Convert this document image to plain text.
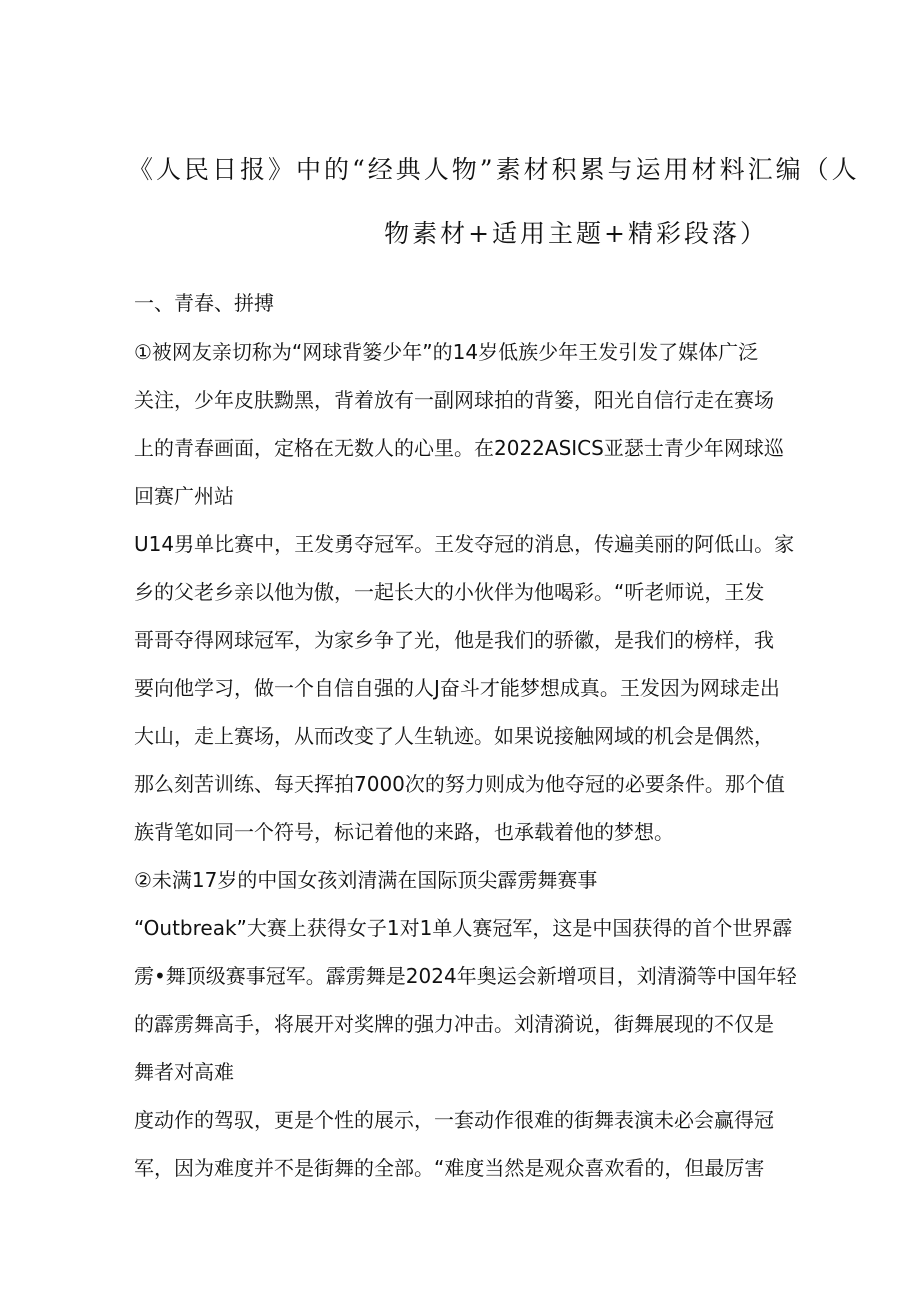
《人民日报》中的“经典人物”素材积累与运用材料汇编（人
物素材+适用主题+精彩段落）
一、青春、拼搏
①被网友亲切称为“网球背篓少年”的14岁低族少年王发引发了媒体广泛
关注，少年皮肤黝黑，背着放有一副网球拍的背篓，阳光自信行走在赛场
上的青春画面，定格在无数人的心里。在2022ASICS亚瑟士青少年网球巡
回赛广州站
U14男单比赛中，王发勇夺冠军。王发夺冠的消息，传遍美丽的阿低山。家
乡的父老乡亲以他为傲，一起长大的小伙伴为他喝彩。“听老师说，王发
哥哥夺得网球冠军，为家乡争了光，他是我们的骄徽，是我们的榜样，我
要向他学习，做一个自信自强的人J奋斗才能梦想成真。王发因为网球走出
大山，走上赛场，从而改变了人生轨迹。如果说接触网域的机会是偶然，
那么刻苦训练、每天挥拍7000次的努力则成为他夺冠的必要条件。那个值
族背笔如同一个符号，标记着他的来路，也承载着他的梦想。
②未满17岁的中国女孩刘清满在国际顶尖霹雳舞赛事
“Outbreak”大赛上获得女子1对1单人赛冠军，这是中国获得的首个世界霹
雳•舞顶级赛事冠军。霹雳舞是2024年奥运会新增项目，刘清漪等中国年轻
的霹雳舞高手，将展开对奖牌的强力冲击。刘清漪说，街舞展现的不仅是
舞者对高难
度动作的驾驭，更是个性的展示，一套动作很难的街舞表演未必会赢得冠
军，因为难度并不是街舞的全部。“难度当然是观众喜欢看的，但最厉害
